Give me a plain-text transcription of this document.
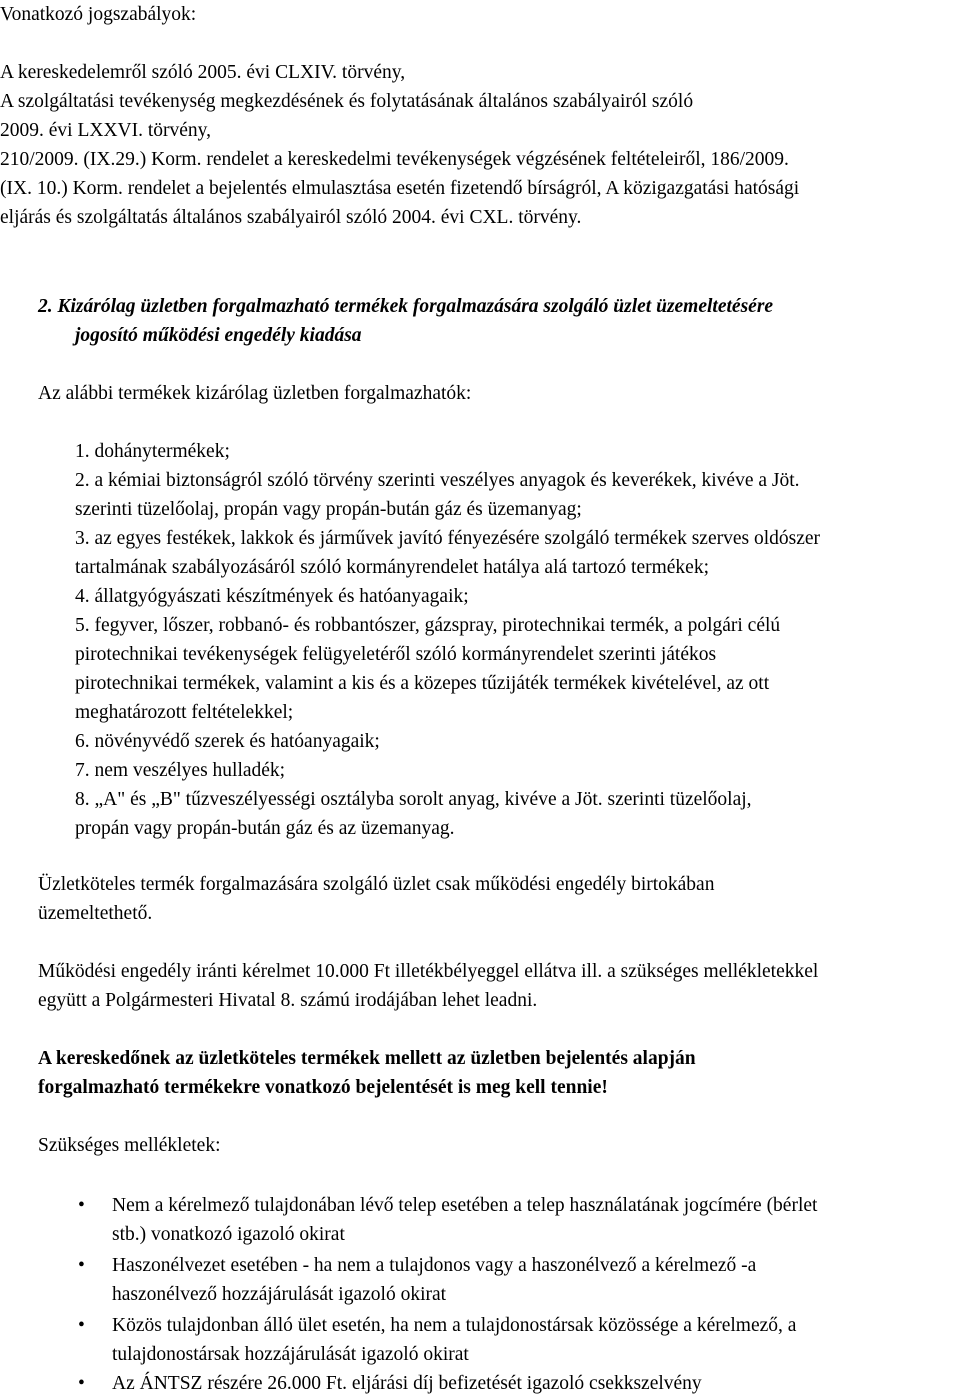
Vonatkozó jogszabályok:
A kereskedelemről szóló 2005. évi CLXIV. törvény,
A szolgáltatási tevékenység megkezdésének és folytatásának általános szabályairól szóló
2009. évi LXXVI. törvény,
210/2009. (IX.29.) Korm. rendelet a kereskedelmi tevékenységek végzésének feltételeiről, 186/2009.
(IX. 10.) Korm. rendelet a bejelentés elmulasztása esetén fizetendő bírságról, A közigazgatási hatósági
eljárás és szolgáltatás általános szabályairól szóló 2004. évi CXL. törvény.
2. Kizárólag üzletben forgalmazható termékek forgalmazására szolgáló üzlet üzemeltetésére
jogosító működési engedély kiadása
Az alábbi termékek kizárólag üzletben forgalmazhatók:
1. dohánytermékek;
2. a kémiai biztonságról szóló törvény szerinti veszélyes anyagok és keverékek, kivéve a Jöt.
szerinti tüzelőolaj, propán vagy propán-bután gáz és üzemanyag;
3. az egyes festékek, lakkok és járművek javító fényezésére szolgáló termékek szerves oldószer
tartalmának szabályozásáról szóló kormányrendelet hatálya alá tartozó termékek;
4. állatgyógyászati készítmények és hatóanyagaik;
5. fegyver, lőszer, robbanó- és robbantószer, gázspray, pirotechnikai termék, a polgári célú
pirotechnikai tevékenységek felügyeletéről szóló kormányrendelet szerinti játékos
pirotechnikai termékek, valamint a kis és a közepes tűzijáték termékek kivételével, az ott
meghatározott feltételekkel;
6. növényvédő szerek és hatóanyagaik;
7. nem veszélyes hulladék;
8. „A" és „B" tűzveszélyességi osztályba sorolt anyag, kivéve a Jöt. szerinti tüzelőolaj,
propán vagy propán-bután gáz és az üzemanyag.
Üzletköteles termék forgalmazására szolgáló üzlet csak működési engedély birtokában
üzemeltethető.
Működési engedély iránti kérelmet 10.000 Ft illetékbélyeggel ellátva ill. a szükséges mellékletekkel
együtt a Polgármesteri Hivatal 8. számú irodájában lehet leadni.
A kereskedőnek az üzletköteles termékek mellett az üzletben bejelentés alapján
forgalmazható termékekre vonatkozó bejelentését is meg kell tennie!
Szükséges mellékletek:
• Nem a kérelmező tulajdonában lévő telep esetében a telep használatának jogcímére (bérlet
stb.) vonatkozó igazoló okirat
• Haszonélvezet esetében - ha nem a tulajdonos vagy a haszonélvező a kérelmező -a
haszonélvező hozzájárulását igazoló okirat
• Közös tulajdonban álló ület esetén, ha nem a tulajdonostársak közössége a kérelmező, a
tulajdonostársak hozzájárulását igazoló okirat
• Az ÁNTSZ részére 26.000 Ft. eljárási díj befizetését igazoló csekkszelvény
